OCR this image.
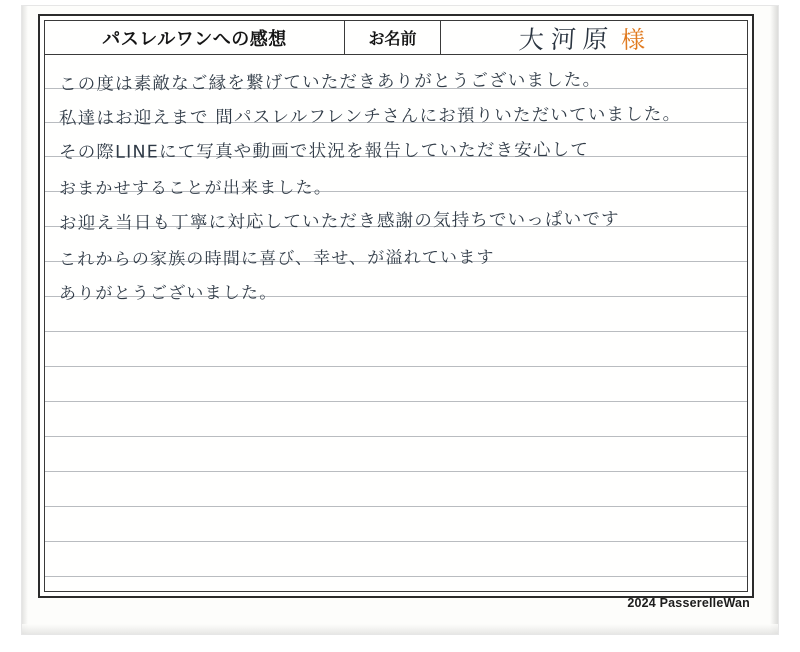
パスレルワンへの感想	お名前	大河原 様
この度は素敵なご縁を繋げていただきありがとうございました。
私達はお迎えまで 間パスレルフレンチさんにお預りいただいていました。
その際LINEにて写真や動画で状況を報告していただき安心して
おまかせすることが出来ました。
お迎え当日も丁寧に対応していただき感謝の気持ちでいっぱいです
これからの家族の時間に喜び、幸せ、が溢れています
ありがとうございました。
2024 PasserelleWan
